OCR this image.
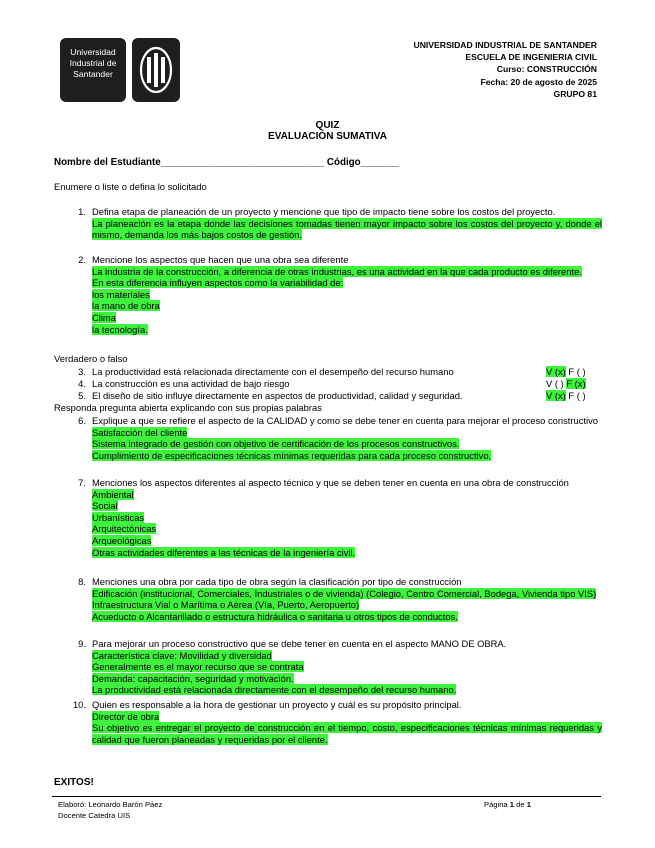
Universidad
Industrial de
Santander
UNIVERSIDAD INDUSTRIAL DE SANTANDER
ESCUELA DE INGENIERIA CIVIL
Curso: CONSTRUCCIÓN
Fecha: 20 de agosto de 2025
GRUPO 81
QUIZ
EVALUACIÓN SUMATIVA
Nombre del Estudiante______________________________ Código_______
Enumere o liste o defina lo solicitado
1. Defina etapa de planeación de un proyecto y mencione que tipo de impacto tiene sobre los costos del proyecto.

La planeación es la etapa donde las decisiones tomadas tienen mayor impacto sobre los costos del proyecto y, donde el mismo, demanda los más bajos costos de gestión.

2. Mencione los aspectos que hacen que una obra sea diferente

La industria de la construcción, a diferencia de otras industrias, es una actividad en la que cada producto es diferente.

En esta diferencia influyen aspectos como la variabilidad de:

los materiales

la mano de obra

Clima

la tecnología.

Verdadero o falso
3. La productividad está relacionada directamente con el desempeño del recurso humano	V (x) F ( )
4. La construcción es una actividad de bajo riesgo	V ( ) F (x)
5. El diseño de sitio influye directamente en aspectos de productividad, calidad y seguridad.	V (x) F ( )
Responda pregunta abierta explicando con sus propias palabras
6. Explique a que se refiere el aspecto de la CALIDAD y como se debe tener en cuenta para mejorar el proceso constructivo

Satisfacción del cliente

Sistema integrado de gestión con objetivo de certificación de los procesos constructivos.

Cumplimiento de especificaciones técnicas mínimas requeridas para cada proceso constructivo.

7. Menciones los aspectos diferentes al aspecto técnico y que se deben tener en cuenta en una obra de construcción

Ambiental

Social

Urbanísticas

Arquitectónicas

Arqueológicas

Otras actividades diferentes a las técnicas de la ingeniería civil.

8. Menciones una obra por cada tipo de obra según la clasificación por tipo de construcción

Edificación (institucional, Comerciales, Industriales o de vivienda) (Colegio, Centro Comercial, Bodega, Vivienda tipo VIS)

Infraestructura Vial o Marítima o Aérea (Vía, Puerto, Aeropuerto)

Acueducto o Alcantarillado o estructura hidráulica o sanitaria u otros tipos de conductos.

9. Para mejorar un proceso constructivo que se debe tener en cuenta en el aspecto MANO DE OBRA.

Característica clave: Movilidad y diversidad

Generalmente es el mayor recurso que se contrata

Demanda: capacitación, seguridad y motivación.

La productividad está relacionada directamente con el desempeño del recurso humano.

10. Quien es responsable a la hora de gestionar un proyecto y cuál es su propósito principal.

Director de obra

Su objetivo es entregar el proyecto de construcción en el tiempo, costo, especificaciones técnicas mínimas requeridas y calidad que fueron planeadas y requeridas por el cliente.

EXITOS!
Elaboró: Leonardo Barón Páez
Docente Catedra UIS
Página 1 de 1
